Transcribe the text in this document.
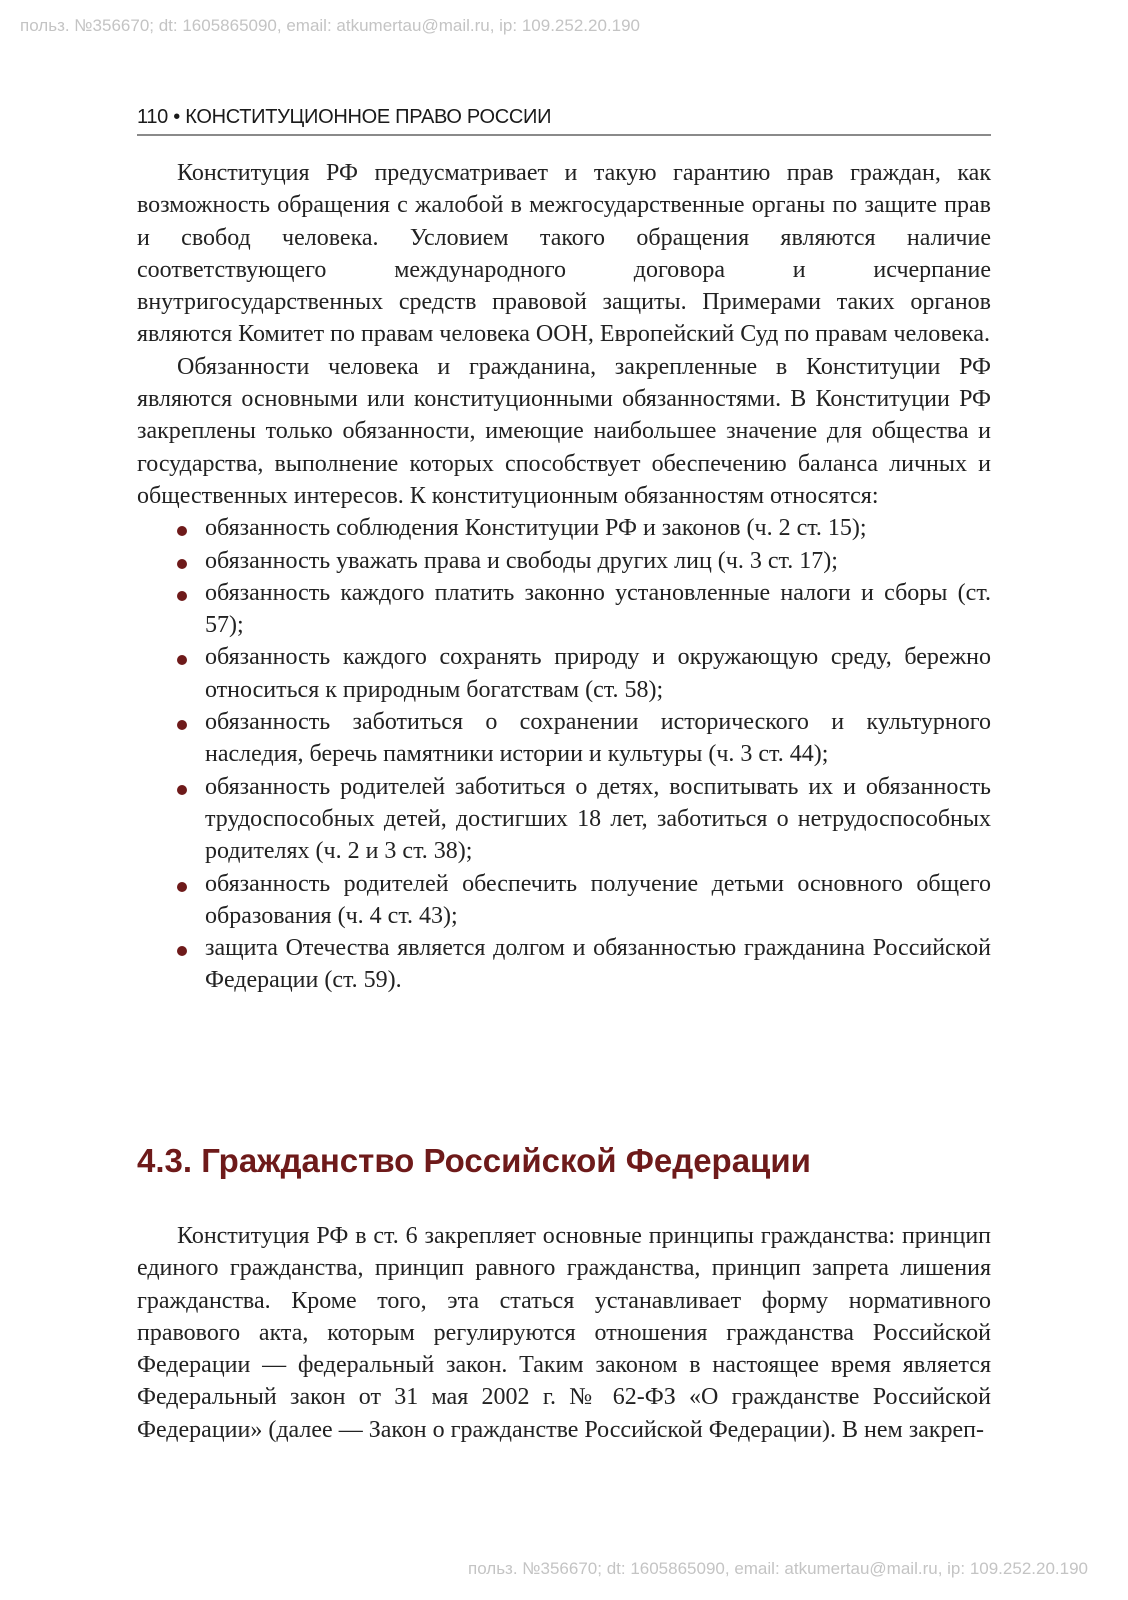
польз. №356670; dt: 1605865090, email: atkumertau@mail.ru, ip: 109.252.20.190
110 • КОНСТИТУЦИОННОЕ ПРАВО РОССИИ

Конституция РФ предусматривает и такую гарантию прав граждан, как возможность обращения с жалобой в межгосударственные органы по защите прав и свобод человека. Условием такого обращения являются наличие соответствующего международного договора и исчерпание внутригосударственных средств правовой защиты. Примерами таких органов являются Комитет по правам человека ООН, Европейский Суд по правам человека.

Обязанности человека и гражданина, закрепленные в Конституции РФ являются основными или конституционными обязанностями. В Конституции РФ закреплены только обязанности, имеющие наибольшее значение для общества и государства, выполнение которых способствует обеспечению баланса личных и общественных интересов. К конституционным обязанностям относятся:

обязанность соблюдения Конституции РФ и законов (ч. 2 ст. 15);
обязанность уважать права и свободы других лиц (ч. 3 ст. 17);
обязанность каждого платить законно установленные налоги и сборы (ст. 57);
обязанность каждого сохранять природу и окружающую среду, бережно относиться к природным богатствам (ст. 58);
обязанность заботиться о сохранении исторического и культурного наследия, беречь памятники истории и культуры (ч. 3 ст. 44);
обязанность родителей заботиться о детях, воспитывать их и обязанность трудоспособных детей, достигших 18 лет, заботиться о нетрудоспособных родителях (ч. 2 и 3 ст. 38);
обязанность родителей обеспечить получение детьми основного общего образования (ч. 4 ст. 43);
защита Отечества является долгом и обязанностью гражданина Российской Федерации (ст. 59).
4.3. Гражданство Российской Федерации

Конституция РФ в ст. 6 закрепляет основные принципы гражданства: принцип единого гражданства, принцип равного гражданства, принцип запрета лишения гражданства. Кроме того, эта статься устанавливает форму нормативного правового акта, которым регулируются отношения гражданства Российской Федерации — федеральный закон. Таким законом в настоящее время является Федеральный закон от 31 мая 2002 г. № 62-ФЗ «О гражданстве Российской Федерации» (далее — Закон о гражданстве Российской Федерации). В нем закреп-

польз. №356670; dt: 1605865090, email: atkumertau@mail.ru, ip: 109.252.20.190
